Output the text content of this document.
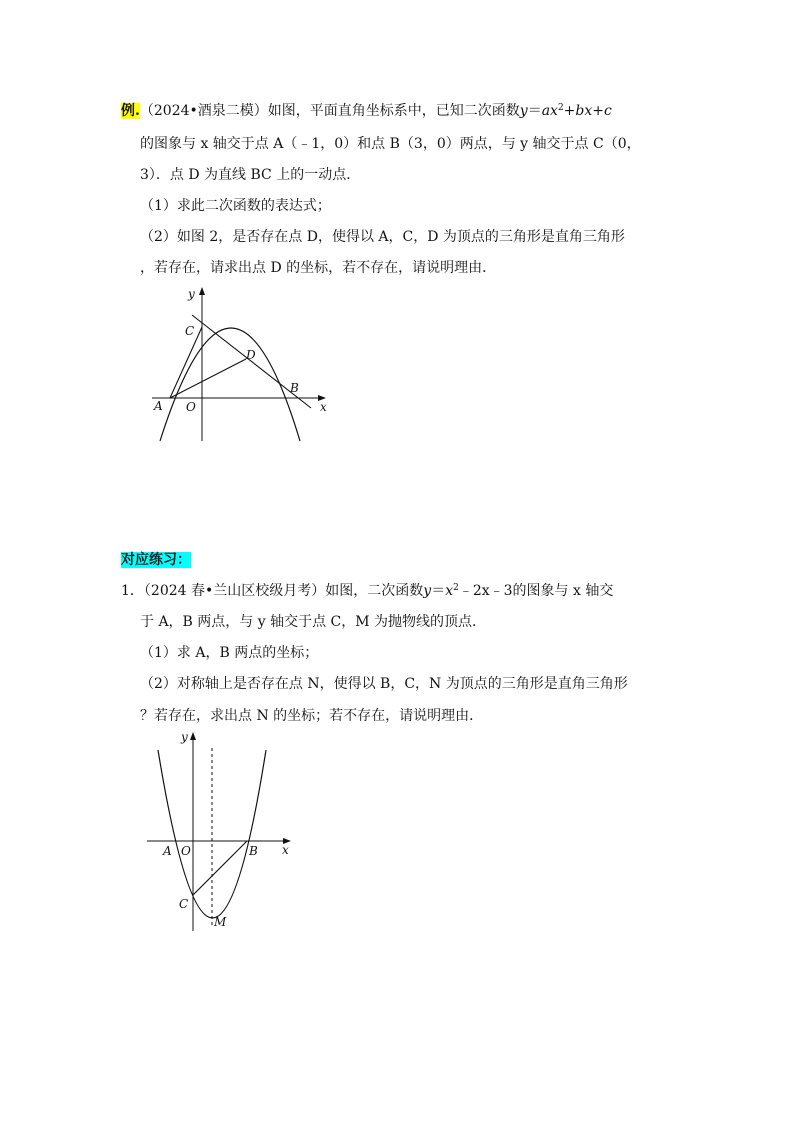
例.（2024•酒泉二模）如图，平面直角坐标系中，已知二次函数$y=ax^2+bx+c$
的图象与 x 轴交于点 A（﹣1，0）和点 B（3，0）两点，与 y 轴交于点 C（0，
3）．点 D 为直线 BC 上的一动点．
（1）求此二次函数的表达式；
（2）如图 2，是否存在点 D，使得以 A，C，D 为顶点的三角形是直角三角形
，若存在，请求出点 D 的坐标，若不存在，请说明理由．
y
C
D
B
A O	x
对应练习：
1．（2024 春•兰山区校级月考）如图，二次函数$y=x^2﹣2x﹣3$的图象与 x 轴交
于 A，B 两点，与 y 轴交于点 C，M 为抛物线的顶点．
（1）求 A，B 两点的坐标；
（2）对称轴上是否存在点 N，使得以 B，C，N 为顶点的三角形是直角三角形
？若存在，求出点 N 的坐标；若不存在，请说明理由．
y
A O	B x
C
M
